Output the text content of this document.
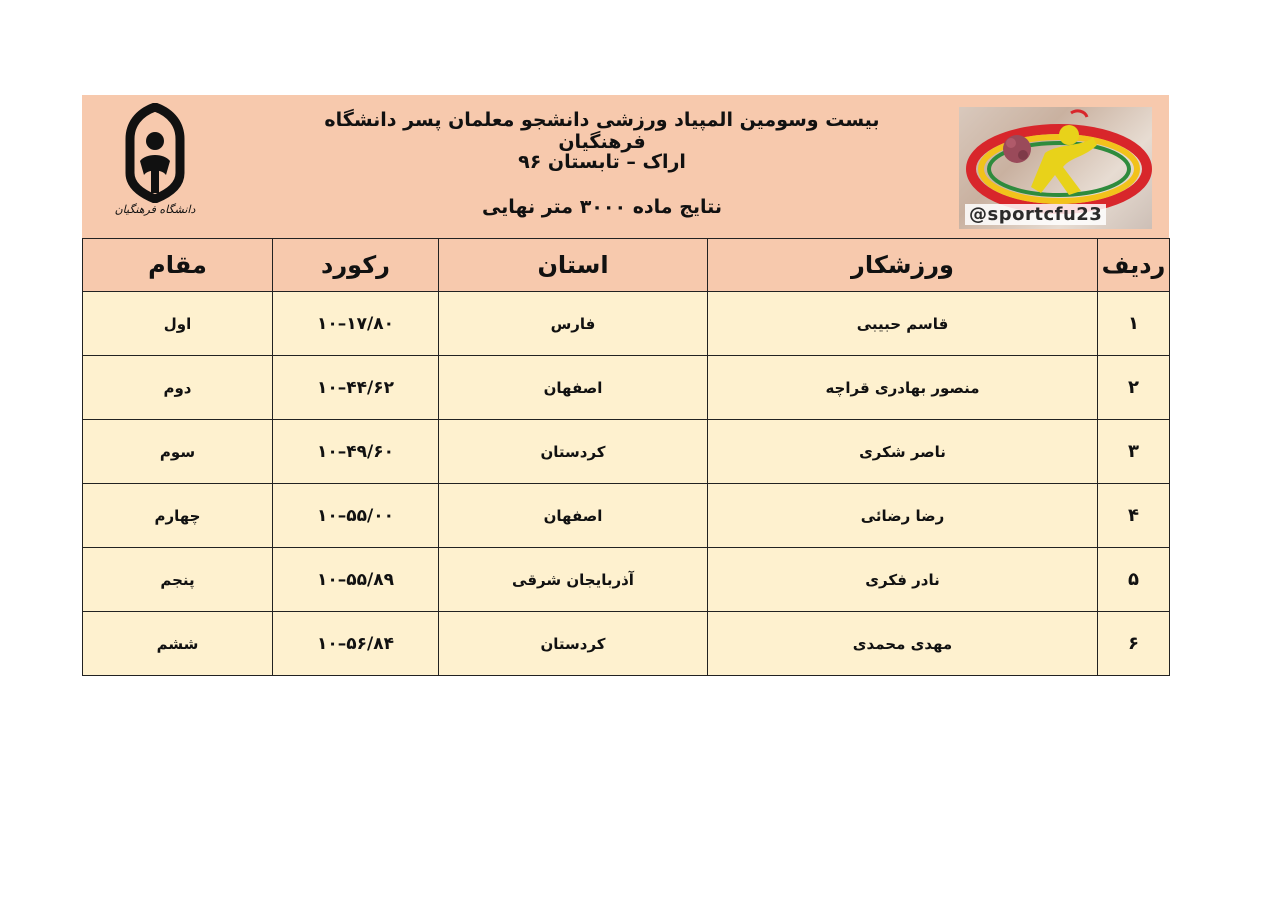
دانشگاه فرهنگیان
بیست وسومین المپیاد ورزشی دانشجو معلمان پسر دانشگاه فرهنگیان
اراک – تابستان ۹۶
نتایج ماده ۳۰۰۰ متر نهایی	@sportcfu23
ردیف	ورزشکار	استان	رکورد	مقام
۱	قاسم حبیبی	فارس	۱۰–۱۷/۸۰	اول
۲	منصور بهادری قراچه	اصفهان	۱۰–۴۴/۶۲	دوم
۳	ناصر شکری	کردستان	۱۰–۴۹/۶۰	سوم
۴	رضا رضائی	اصفهان	۱۰–۵۵/۰۰	چهارم
۵	نادر فکری	آذربایجان شرقی	۱۰–۵۵/۸۹	پنجم
۶	مهدی محمدی	کردستان	۱۰–۵۶/۸۴	ششم
